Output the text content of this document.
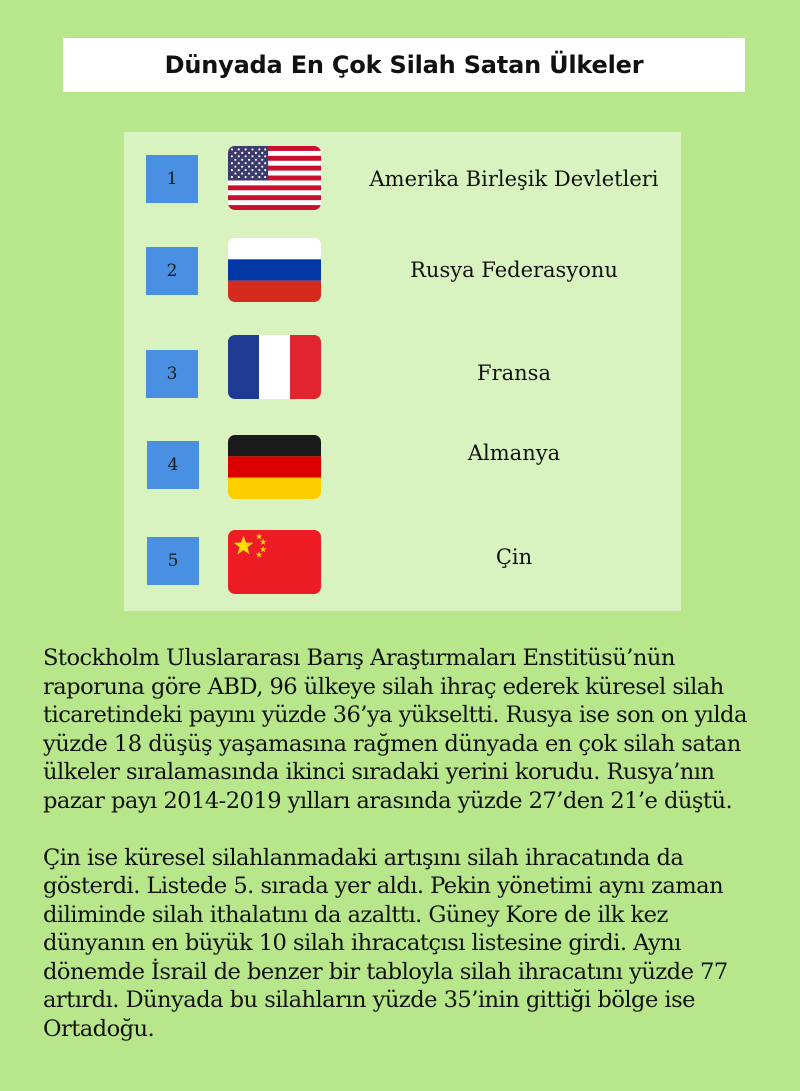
Dünyada En Çok Silah Satan Ülkeler
1	Amerika Birleşik Devletleri
2	Rusya Federasyonu
3	Fransa
4	Almanya
5	Çin

Stockholm Uluslararası Barış Araştırmaları Enstitüsü’nün raporuna göre ABD, 96 ülkeye silah ihraç ederek küresel silah ticaretindeki payını yüzde 36’ya yükseltti. Rusya ise son on yılda yüzde 18 düşüş yaşamasına rağmen dünyada en çok silah satan ülkeler sıralamasında ikinci sıradaki yerini korudu. Rusya’nın pazar payı 2014-2019 yılları arasında yüzde 27’den 21’e düştü.

Çin ise küresel silahlanmadaki artışını silah ihracatında da gösterdi. Listede 5. sırada yer aldı. Pekin yönetimi aynı zaman diliminde silah ithalatını da azalttı. Güney Kore de ilk kez dünyanın en büyük 10 silah ihracatçısı listesine girdi. Aynı dönemde İsrail de benzer bir tabloyla silah ihracatını yüzde 77 artırdı. Dünyada bu silahların yüzde 35’inin gittiği bölge ise Ortadoğu.
